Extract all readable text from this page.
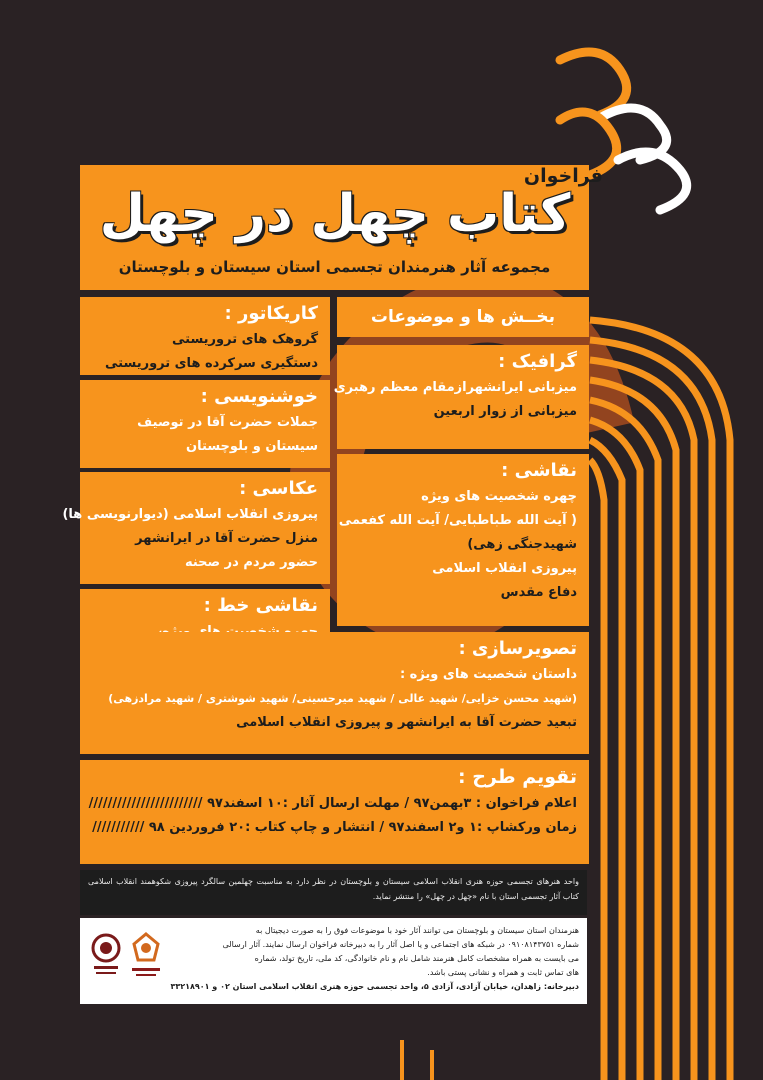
فراخوان
کتاب چهل در چهل
مجموعه آثار هنرمندان تجسمی استان سیستان و بلوچستان
بخــش ها و موضوعات
کاریکاتور :
گروهک های تروریستی
دستگیری سرکرده های تروریستی
خوشنویسی :
جملات حضرت آقا در توصیف
سیستان و بلوچستان
عکاسی :
پیروزی انقلاب اسلامی (دیوارنویسی ها)
منزل حضرت آقا در ایرانشهر
حضور مردم در صحنه
نقاشی خط :
گرافیک :
میزبانی ایرانشهرازمقام معظم رهبری
میزبانی از زوار اربعین
نقاشی :
چهره شخصیت های ویژه
( آیت الله طباطبایی/ آیت الله کفعمی
شهیدجنگی زهی)
پیروزی انقلاب اسلامی
دفاع مقدس
تصویرسازی :
داستان شخصیت های ویژه :
(شهید محسن خزایی/ شهید عالی / شهید میرحسینی/ شهید شوشتری / شهید مرادزهی)
تبعید حضرت آقا به ایرانشهر و پیروزی انقلاب اسلامی
تقویم طرح :
اعلام فراخوان : ۳بهمن۹۷ / مهلت ارسال آثار :۱۰ اسفند۹۷ ////////////////////////
زمان ورکشاپ :۱ و۲ اسفند۹۷ / انتشار و چاپ کتاب :۲۰ فروردین ۹۸ ///////////
واحد هنرهای تجسمی حوزه هنری انقلاب اسلامی سیستان و بلوچستان در نظر دارد به مناسبت چهلمین سالگرد پیروزی شکوهمند انقلاب اسلامی کتاب آثار تجسمی استان با نام «چهل در چهل» را منتشر نماید.
هنرمندان استان سیستان و بلوچستان می توانند آثار خود با موضوعات فوق را به صورت دیجیتال به
شماره ۰۹۱۰۸۱۴۳۷۵۱ در شبکه های اجتماعی و یا اصل آثار را به دبیرخانه فراخوان ارسال نمایند. آثار ارسالی
می بایست به همراه مشخصات کامل هنرمند شامل نام و نام خانوادگی، کد ملی، تاریخ تولد، شماره
های تماس ثابت و همراه و نشانی پستی باشد.
دبیرخانه: زاهدان، خیابان آزادی، آزادی ۵، واحد تجسمی حوزه هنری انقلاب اسلامی استان ۰۲ و ۳۳۲۱۸۹۰۱
